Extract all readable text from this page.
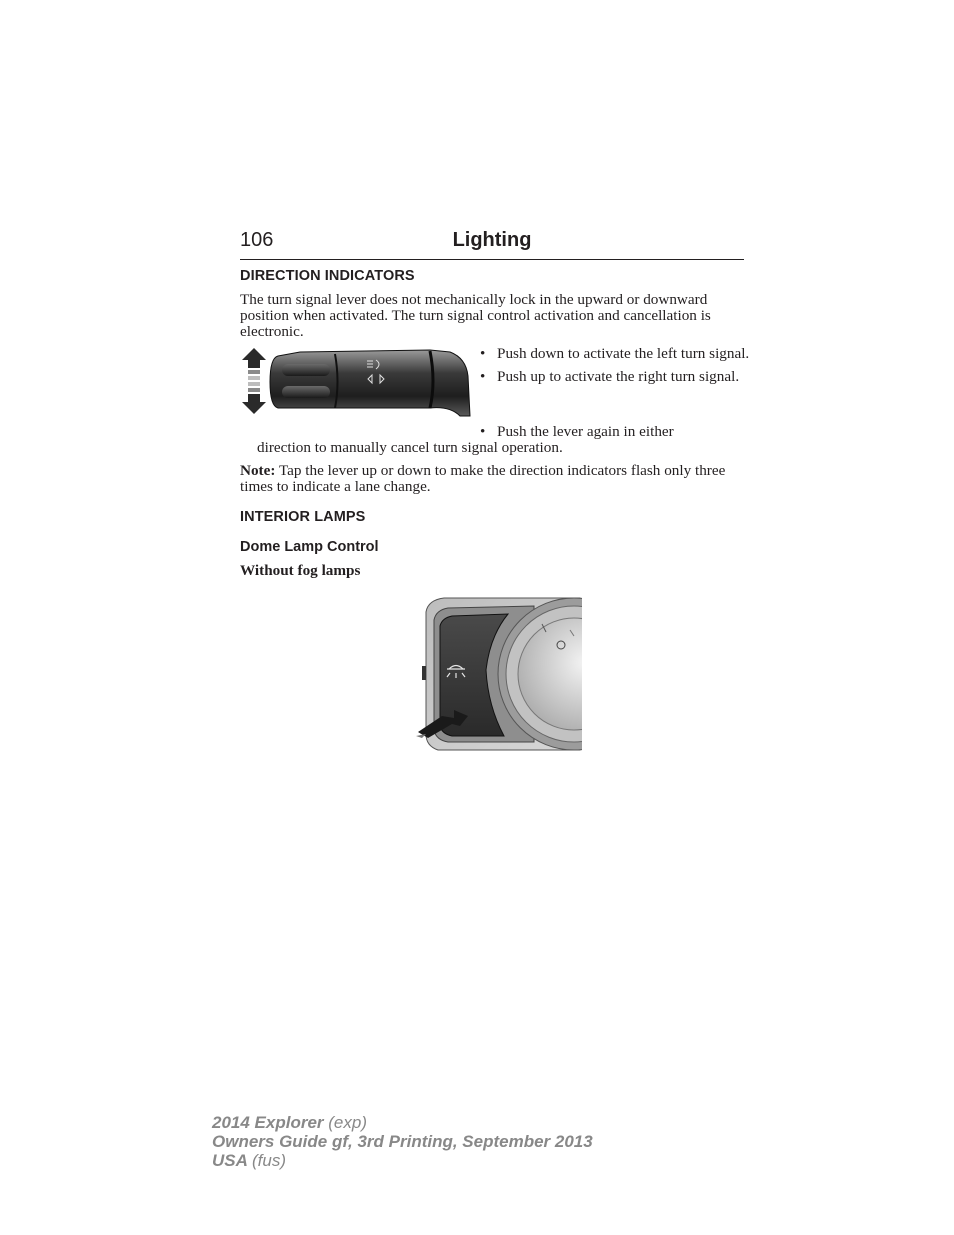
106	Lighting
DIRECTION INDICATORS
The turn signal lever does not mechanically lock in the upward or downward position when activated. The turn signal control activation and cancellation is electronic.
• Push down to activate the left turn signal.
• Push up to activate the right turn signal.
• Push the lever again in either
direction to manually cancel turn signal operation.
Note: Tap the lever up or down to make the direction indicators flash only three times to indicate a lane change.
INTERIOR LAMPS
Dome Lamp Control
Without fog lamps
2014 Explorer (exp)
Owners Guide gf, 3rd Printing, September 2013
USA (fus)
